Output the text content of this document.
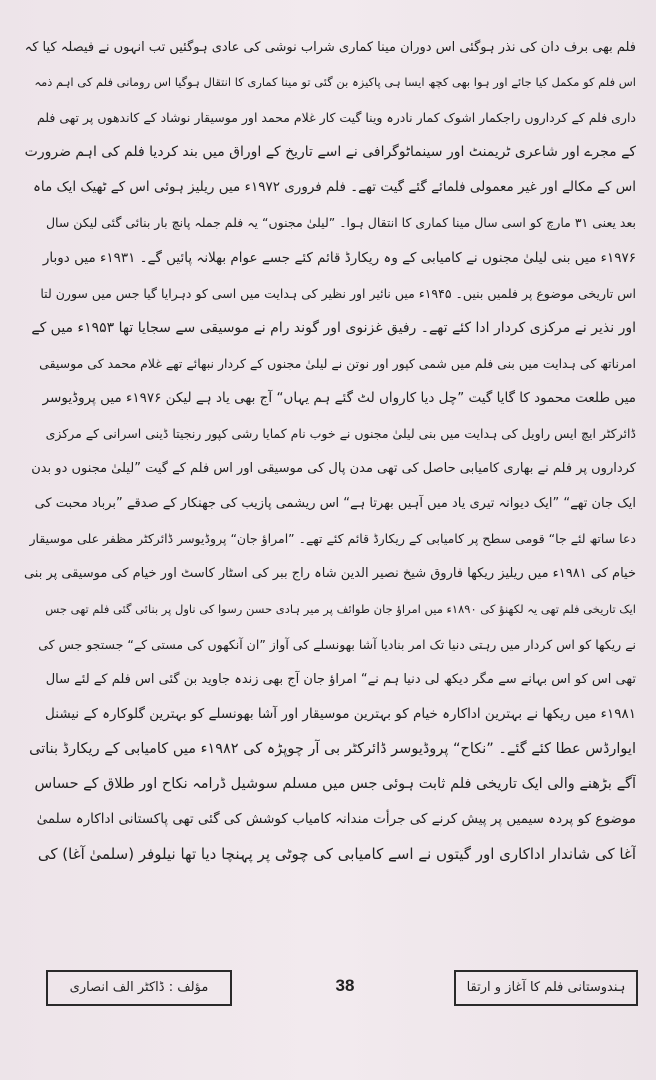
فلم بھی برف دان کی نذر ہوگئی اس دوران مینا کماری شراب نوشی کی عادی ہوگئیں تب انہوں نے فیصلہ کیا کہ
اس فلم کو مکمل کیا جائے اور ہوا بھی کچھ ایسا ہی پاکیزہ بن گئی تو مینا کماری کا انتقال ہوگیا اس رومانی فلم کی اہم ذمہ
داری فلم کے کرداروں راجکمار اشوک کمار نادرہ وینا گیت کار غلام محمد اور موسیقار نوشاد کے کاندھوں پر تھی فلم
کے مجرے اور شاعری ٹریمنٹ اور سینماٹوگرافی نے اسے تاریخ کے اوراق میں بند کردیا فلم کی اہم ضرورت
اس کے مکالے اور غیر معمولی فلمائے گئے گیت تھے۔ فلم فروری ۱۹۷۲ء میں ریلیز ہوئی اس کے ٹھیک ایک ماہ
بعد یعنی ۳۱ مارچ کو اسی سال مینا کماری کا انتقال ہوا۔ ”لیلیٰ مجنوں“ یہ فلم جملہ پانچ بار بنائی گئی لیکن سال
۱۹۷۶ء میں بنی لیلیٰ مجنوں نے کامیابی کے وہ ریکارڈ قائم کئے جسے عوام بھلانہ پائیں گے۔ ۱۹۳۱ء میں دوبار
اس تاریخی موضوع پر فلمیں بنیں۔ ۱۹۴۵ء میں نائیر اور نظیر کی ہدایت میں اسی کو دہرایا گیا جس میں سورن لتا
اور نذیر نے مرکزی کردار ادا کئے تھے۔ رفیق غزنوی اور گوند رام نے موسیقی سے سجایا تھا ۱۹۵۳ء میں کے
امرناتھ کی ہدایت میں بنی فلم میں شمی کپور اور نوتن نے لیلیٰ مجنوں کے کردار نبھائے تھے غلام محمد کی موسیقی
میں طلعت محمود کا گایا گیت ”چل دیا کارواں لٹ گئے ہم یہاں“ آج بھی یاد ہے لیکن ۱۹۷۶ء میں پروڈیوسر
ڈائرکٹر ایچ ایس راویل کی ہدایت میں بنی لیلیٰ مجنوں نے خوب نام کمایا رشی کپور رنجیتا ڈینی اسرانی کے مرکزی
کرداروں پر فلم نے بھاری کامیابی حاصل کی تھی مدن پال کی موسیقی اور اس فلم کے گیت ”لیلیٰ مجنوں دو بدن
ایک جان تھے“ ”ایک دیوانہ تیری یاد میں آہیں بھرتا ہے“ اس ریشمی پازیب کی جھنکار کے صدقے ”برباد محبت کی
دعا ساتھ لئے جا“ قومی سطح پر کامیابی کے ریکارڈ قائم کئے تھے۔ ”امراؤ جان“ پروڈیوسر ڈائرکٹر مظفر علی موسیقار
خیام کی ۱۹۸۱ء میں ریلیز ریکھا فاروق شیخ نصیر الدین شاہ راج ببر کی اسٹار کاسٹ اور خیام کی موسیقی پر بنی
ایک تاریخی فلم تھی یہ لکھنؤ کی ۱۸۹۰ء میں امراؤ جان طوائف پر میر ہادی حسن رسوا کی ناول پر بنائی گئی فلم تھی جس
نے ریکھا کو اس کردار میں رہتی دنیا تک امر بنادیا آشا بھونسلے کی آواز ”ان آنکھوں کی مستی کے“ جستجو جس کی
تھی اس کو اس بہانے سے مگر دیکھ لی دنیا ہم نے“ امراؤ جان آج بھی زندہ جاوید بن گئی اس فلم کے لئے سال
۱۹۸۱ء میں ریکھا نے بہترین اداکارہ خیام کو بہترین موسیقار اور آشا بھونسلے کو بہترین گلوکارہ کے نیشنل
ایوارڈس عطا کئے گئے۔ ”نکاح“ پروڈیوسر ڈائرکٹر بی آر چوپڑہ کی ۱۹۸۲ء میں کامیابی کے ریکارڈ بناتی
آگے بڑھنے والی ایک تاریخی فلم ثابت ہوئی جس میں مسلم سوشیل ڈرامہ نکاح اور طلاق کے حساس
موضوع کو پردہ سیمیں پر پیش کرنے کی جرأت مندانہ کامیاب کوشش کی گئی تھی پاکستانی اداکارہ سلمیٰ
آغا کی شاندار اداکاری اور گیتوں نے اسے کامیابی کی چوٹی پر پہنچا دیا تھا نیلوفر (سلمیٰ آغا) کی
ہندوستانی فلم کا آغاز و ارتقا
38
مؤلف : ڈاکٹر الف انصاری
